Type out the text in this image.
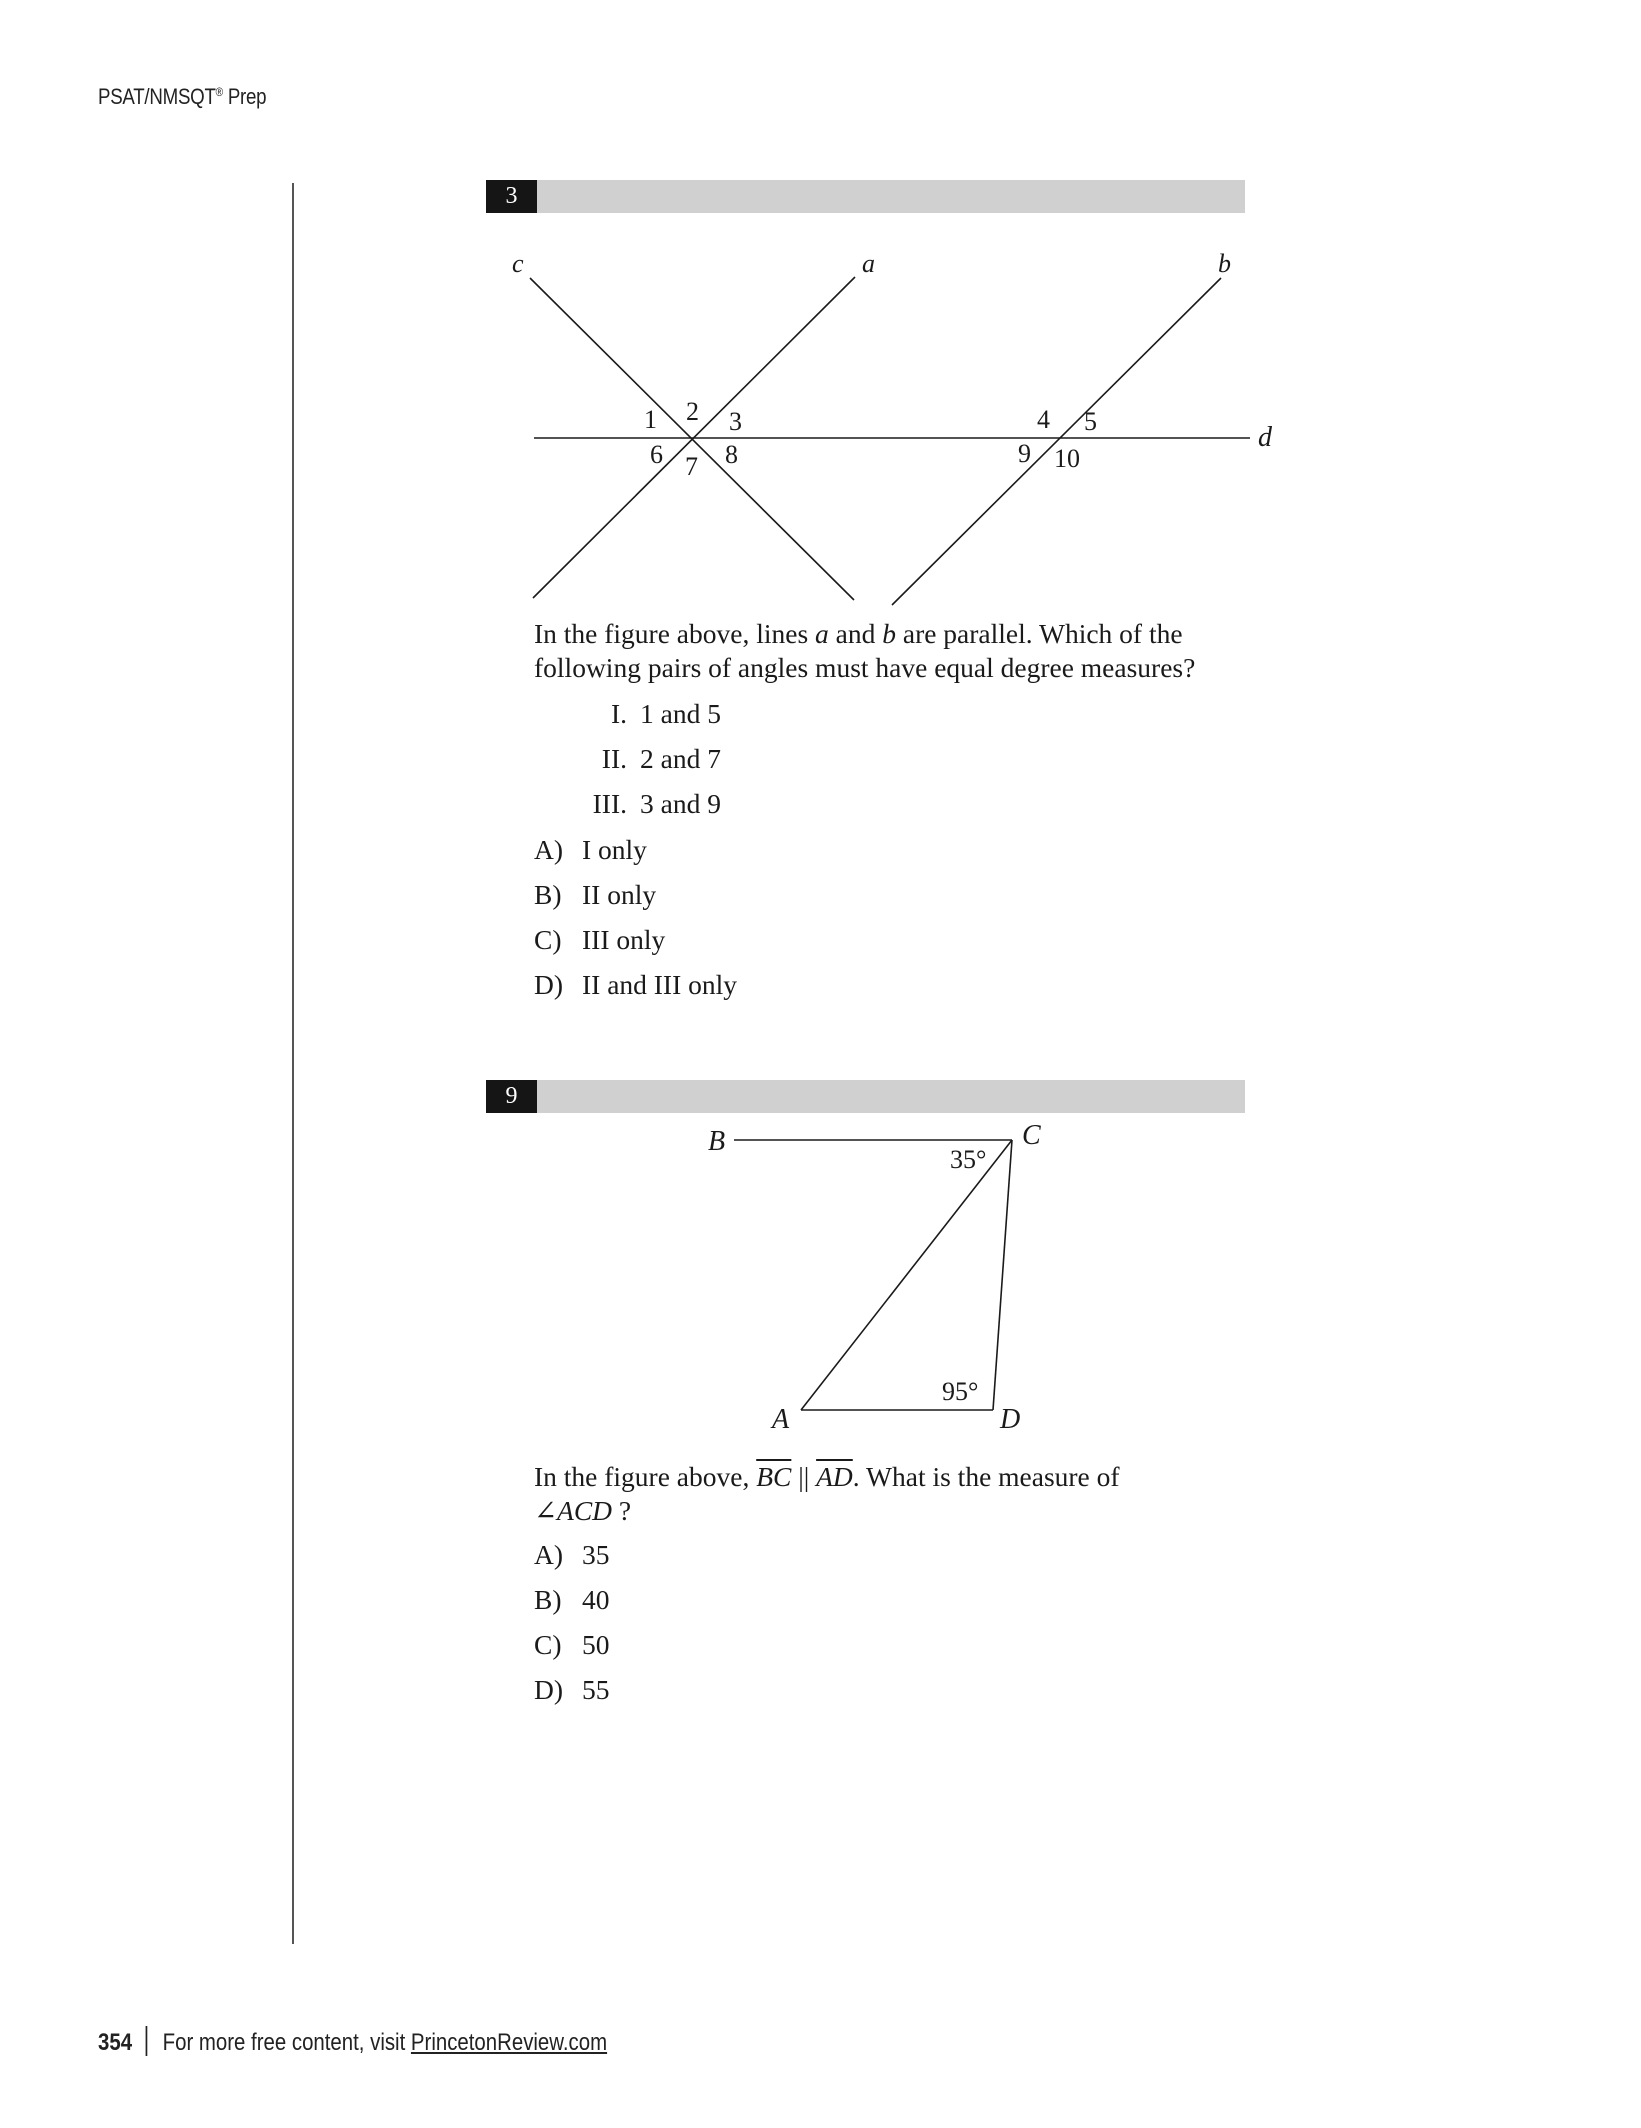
PSAT/NMSQT® Prep
3
c	a	b
d
1 2 3	4 5
6 7 8	9 10
In the figure above, lines a and b are parallel. Which of the
following pairs of angles must have equal degree measures?
I. 1 and 5
II. 2 and 7
III. 3 and 9
A) I only
B) II only
C) III only
D) II and III only
9
B	C
A	D
35°
95°
In the figure above, $\overline{BC}$ || $\overline{AD}$. What is the measure of
∠ACD ?
A) 35
B) 40
C) 50
D) 55
354 For more free content, visit PrincetonReview.com
